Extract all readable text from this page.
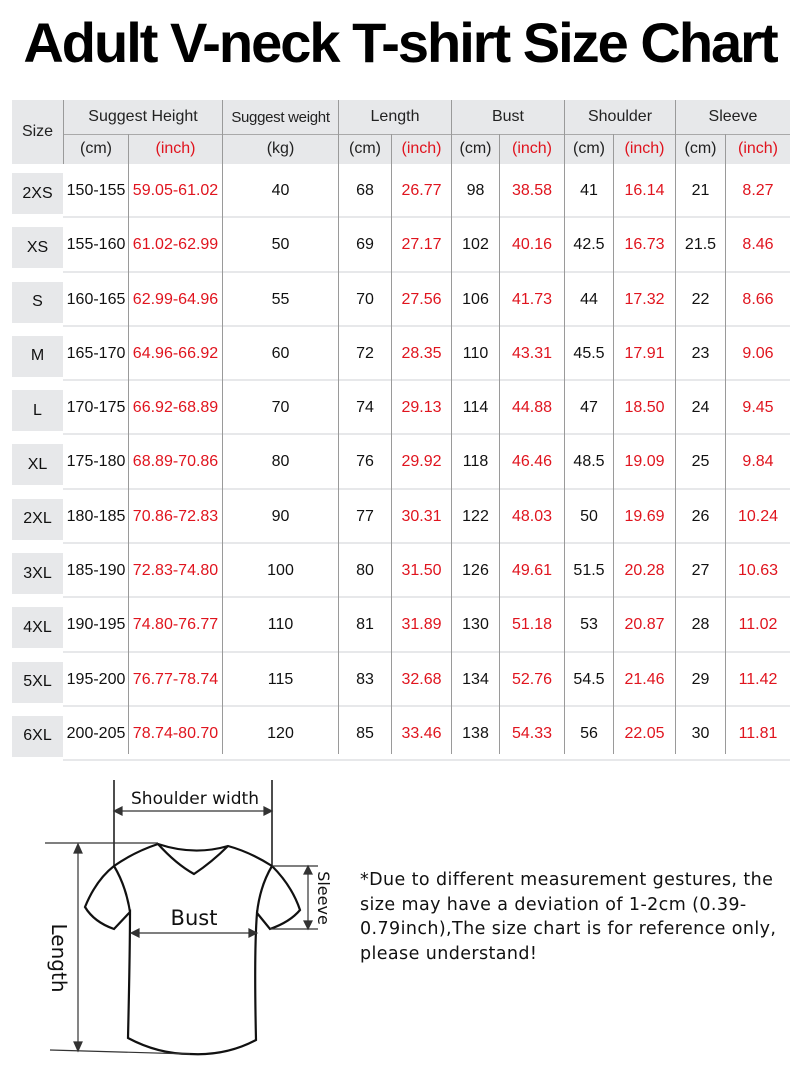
Adult V-neck T-shirt Size Chart
Size
Suggest Height	Suggest weight	Length	Bust	Shoulder	Sleeve
(cm)	(inch)	(kg)	(cm)	(inch)	(cm)	(inch)	(cm)	(inch)	(cm)	(inch)
2XS 150-155 59.05-61.02	40	68	26.77	98	38.58	41	16.14	21	8.27
XS	155-160 61.02-62.99	50	69	27.17	102	40.16	42.5	16.73	21.5	8.46
S	160-165 62.99-64.96	55	70	27.56	106	41.73	44	17.32	22	8.66
M	165-170 64.96-66.92	60	72	28.35	110	43.31	45.5	17.91	23	9.06
L	170-175 66.92-68.89	70	74	29.13	114	44.88	47	18.50	24	9.45
XL	175-180 68.89-70.86	80	76	29.92	118	46.46	48.5	19.09	25	9.84
2XL 180-185 70.86-72.83	90	77	30.31	122	48.03	50	19.69	26	10.24
3XL 185-190 72.83-74.80	100	80	31.50	126	49.61	51.5	20.28	27	10.63
4XL 190-195 74.80-76.77	110	81	31.89	130	51.18	53	20.87	28	11.02
5XL 195-200 76.77-78.74	115	83	32.68	134	52.76	54.5	21.46	29	11.42
6XL 200-205 78.74-80.70	120	85	33.46	138	54.33	56	22.05	30	11.81
Shoulder width
Bust
Length
Sleeve *Due to different measurement gestures, the size may have a deviation of 1-2cm (0.39-0.79inch),The size chart is for reference only, please understand!
